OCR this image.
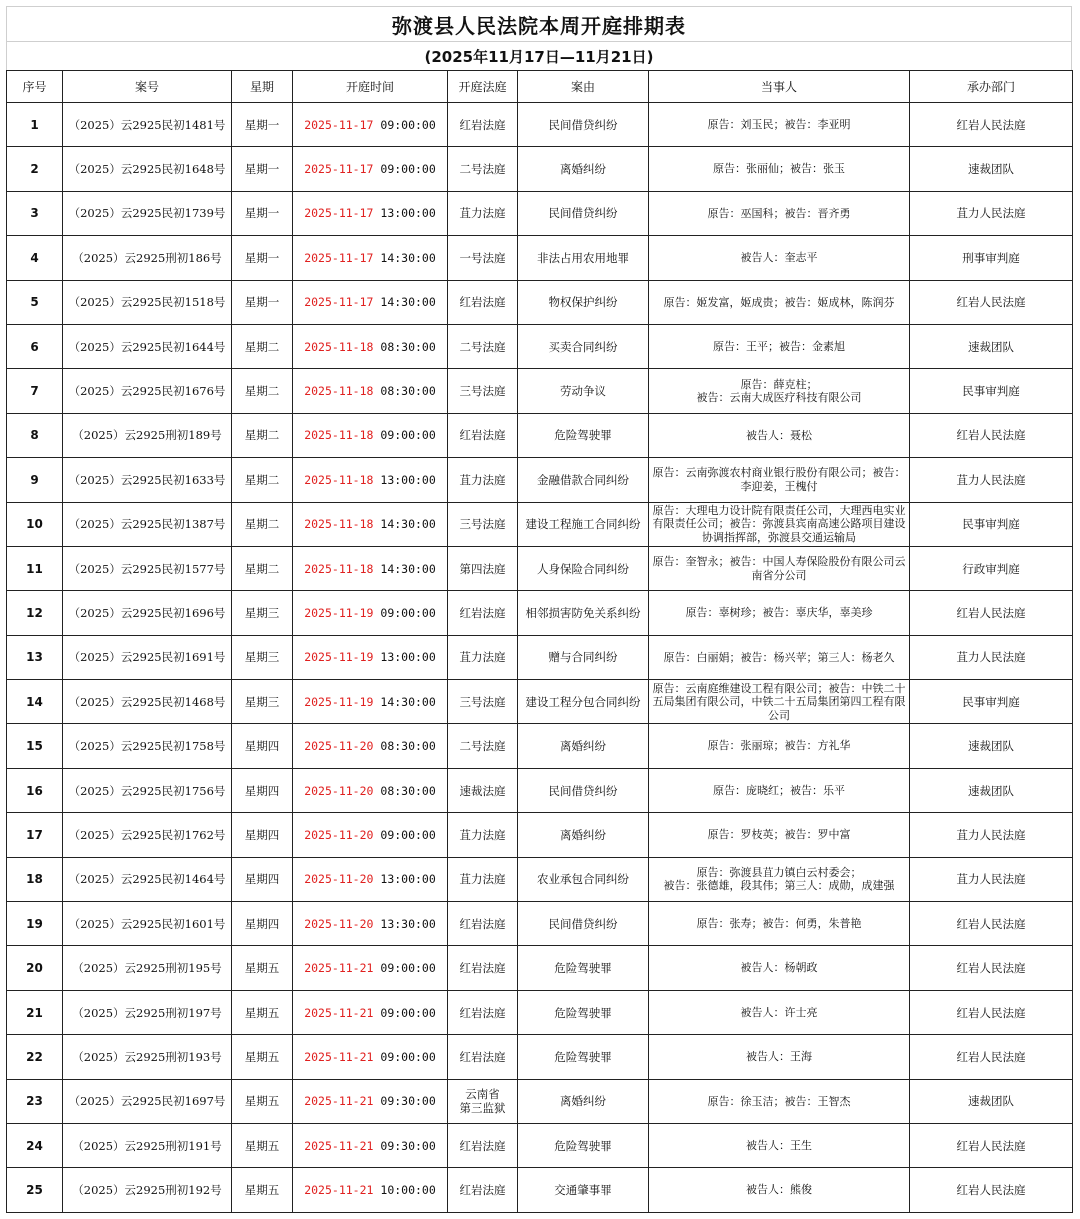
弥渡县人民法院本周开庭排期表
(2025年11月17日—11月21日)
序号	案号	星期	开庭时间	开庭法庭	案由	当事人	承办部门
1	（2025）云2925民初1481号	星期一	2025-11-17 09:00:00	红岩法庭	民间借贷纠纷	原告：刘玉民；被告：李亚明	红岩人民法庭
2	（2025）云2925民初1648号	星期一	2025-11-17 09:00:00	二号法庭	离婚纠纷	原告：张丽仙；被告：张玉	速裁团队
3	（2025）云2925民初1739号	星期一	2025-11-17 13:00:00	苴力法庭	民间借贷纠纷	原告：巫国科；被告：晋齐勇	苴力人民法庭
4	（2025）云2925刑初186号	星期一	2025-11-17 14:30:00	一号法庭	非法占用农用地罪	被告人：奎志平	刑事审判庭
5	（2025）云2925民初1518号	星期一	2025-11-17 14:30:00	红岩法庭	物权保护纠纷	原告：姬发富，姬成贵；被告：姬成林，陈润芬	红岩人民法庭
6	（2025）云2925民初1644号	星期二	2025-11-18 08:30:00	二号法庭	买卖合同纠纷	原告：王平；被告：金素旭	速裁团队
7	（2025）云2925民初1676号	星期二	2025-11-18 08:30:00	三号法庭	劳动争议	原告：薛克柱；
被告：云南大成医疗科技有限公司	民事审判庭
8	（2025）云2925刑初189号	星期二	2025-11-18 09:00:00	红岩法庭	危险驾驶罪	被告人：聂松	红岩人民法庭
9	（2025）云2925民初1633号	星期二	2025-11-18 13:00:00	苴力法庭	金融借款合同纠纷	原告：云南弥渡农村商业银行股份有限公司；被告：李迎姜，王槐付	苴力人民法庭
10	（2025）云2925民初1387号	星期二	2025-11-18 14:30:00	三号法庭	建设工程施工合同纠纷	原告：大理电力设计院有限责任公司，大理西电实业有限责任公司；被告：弥渡县宾南高速公路项目建设协调指挥部，弥渡县交通运输局	民事审判庭
11	（2025）云2925民初1577号	星期二	2025-11-18 14:30:00	第四法庭	人身保险合同纠纷	原告：奎智永；被告：中国人寿保险股份有限公司云南省分公司	行政审判庭
12	（2025）云2925民初1696号	星期三	2025-11-19 09:00:00	红岩法庭	相邻损害防免关系纠纷	原告：辜树珍；被告：辜庆华，辜美珍	红岩人民法庭
13	（2025）云2925民初1691号	星期三	2025-11-19 13:00:00	苴力法庭	赠与合同纠纷	原告：白丽娟；被告：杨兴苹；第三人：杨老久	苴力人民法庭
14	（2025）云2925民初1468号	星期三	2025-11-19 14:30:00	三号法庭	建设工程分包合同纠纷	原告：云南庭维建设工程有限公司；被告：中铁二十五局集团有限公司，中铁二十五局集团第四工程有限公司	民事审判庭
15	（2025）云2925民初1758号	星期四	2025-11-20 08:30:00	二号法庭	离婚纠纷	原告：张丽琼；被告：方礼华	速裁团队
16	（2025）云2925民初1756号	星期四	2025-11-20 08:30:00	速裁法庭	民间借贷纠纷	原告：庞晓红；被告：乐平	速裁团队
17	（2025）云2925民初1762号	星期四	2025-11-20 09:00:00	苴力法庭	离婚纠纷	原告：罗枝英；被告：罗中富	苴力人民法庭
18	（2025）云2925民初1464号	星期四	2025-11-20 13:00:00	苴力法庭	农业承包合同纠纷	原告：弥渡县苴力镇白云村委会；
被告：张德雄，段其伟；第三人：成勋，成建强	苴力人民法庭
19	（2025）云2925民初1601号	星期四	2025-11-20 13:30:00	红岩法庭	民间借贷纠纷	原告：张寿；被告：何勇，朱普艳	红岩人民法庭
20	（2025）云2925刑初195号	星期五	2025-11-21 09:00:00	红岩法庭	危险驾驶罪	被告人：杨朝政	红岩人民法庭
21	（2025）云2925刑初197号	星期五	2025-11-21 09:00:00	红岩法庭	危险驾驶罪	被告人：许士亮	红岩人民法庭
22	（2025）云2925刑初193号	星期五	2025-11-21 09:00:00	红岩法庭	危险驾驶罪	被告人：王海	红岩人民法庭
23	（2025）云2925民初1697号	星期五	2025-11-21 09:30:00	云南省
第三监狱	离婚纠纷	原告：徐玉洁；被告：王智杰	速裁团队
24	（2025）云2925刑初191号	星期五	2025-11-21 09:30:00	红岩法庭	危险驾驶罪	被告人：王生	红岩人民法庭
25	（2025）云2925刑初192号	星期五	2025-11-21 10:00:00	红岩法庭	交通肇事罪	被告人：熊俊	红岩人民法庭
